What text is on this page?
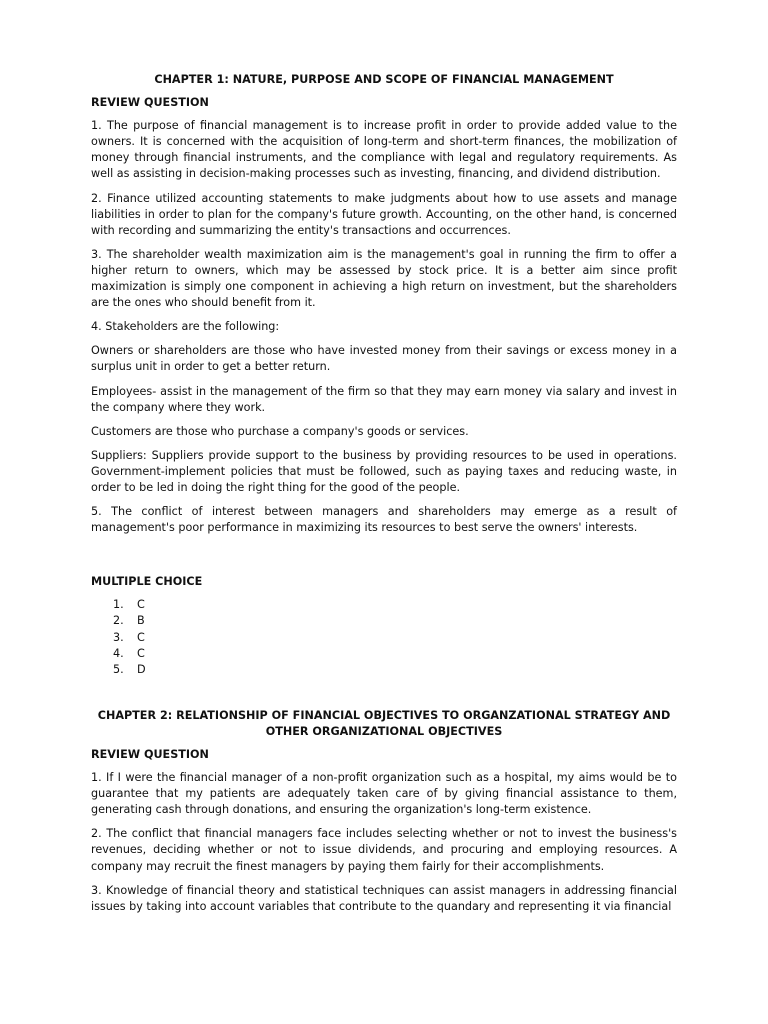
CHAPTER 1: NATURE, PURPOSE AND SCOPE OF FINANCIAL MANAGEMENT
REVIEW QUESTION

1. The purpose of financial management is to increase profit in order to provide added value to the owners. It is concerned with the acquisition of long-term and short-term finances, the mobilization of money through financial instruments, and the compliance with legal and regulatory requirements. As well as assisting in decision-making processes such as investing, financing, and dividend distribution.

2. Finance utilized accounting statements to make judgments about how to use assets and manage liabilities in order to plan for the company's future growth. Accounting, on the other hand, is concerned with recording and summarizing the entity's transactions and occurrences.

3. The shareholder wealth maximization aim is the management's goal in running the firm to offer a higher return to owners, which may be assessed by stock price. It is a better aim since profit maximization is simply one component in achieving a high return on investment, but the shareholders are the ones who should benefit from it.

4. Stakeholders are the following:

Owners or shareholders are those who have invested money from their savings or excess money in a surplus unit in order to get a better return.

Employees- assist in the management of the firm so that they may earn money via salary and invest in the company where they work.

Customers are those who purchase a company's goods or services.

Suppliers: Suppliers provide support to the business by providing resources to be used in operations. Government-implement policies that must be followed, such as paying taxes and reducing waste, in order to be led in doing the right thing for the good of the people.

5. The conflict of interest between managers and shareholders may emerge as a result of management's poor performance in maximizing its resources to best serve the owners' interests.

MULTIPLE CHOICE
1.	C
2.	B
3.	C
4.	C
5.	D
CHAPTER 2: RELATIONSHIP OF FINANCIAL OBJECTIVES TO ORGANZATIONAL STRATEGY AND OTHER ORGANIZATIONAL OBJECTIVES
REVIEW QUESTION

1. If I were the financial manager of a non-profit organization such as a hospital, my aims would be to guarantee that my patients are adequately taken care of by giving financial assistance to them, generating cash through donations, and ensuring the organization's long-term existence.

2. The conflict that financial managers face includes selecting whether or not to invest the business's revenues, deciding whether or not to issue dividends, and procuring and employing resources. A company may recruit the finest managers by paying them fairly for their accomplishments.

3. Knowledge of financial theory and statistical techniques can assist managers in addressing financial issues by taking into account variables that contribute to the quandary and representing it via financial
